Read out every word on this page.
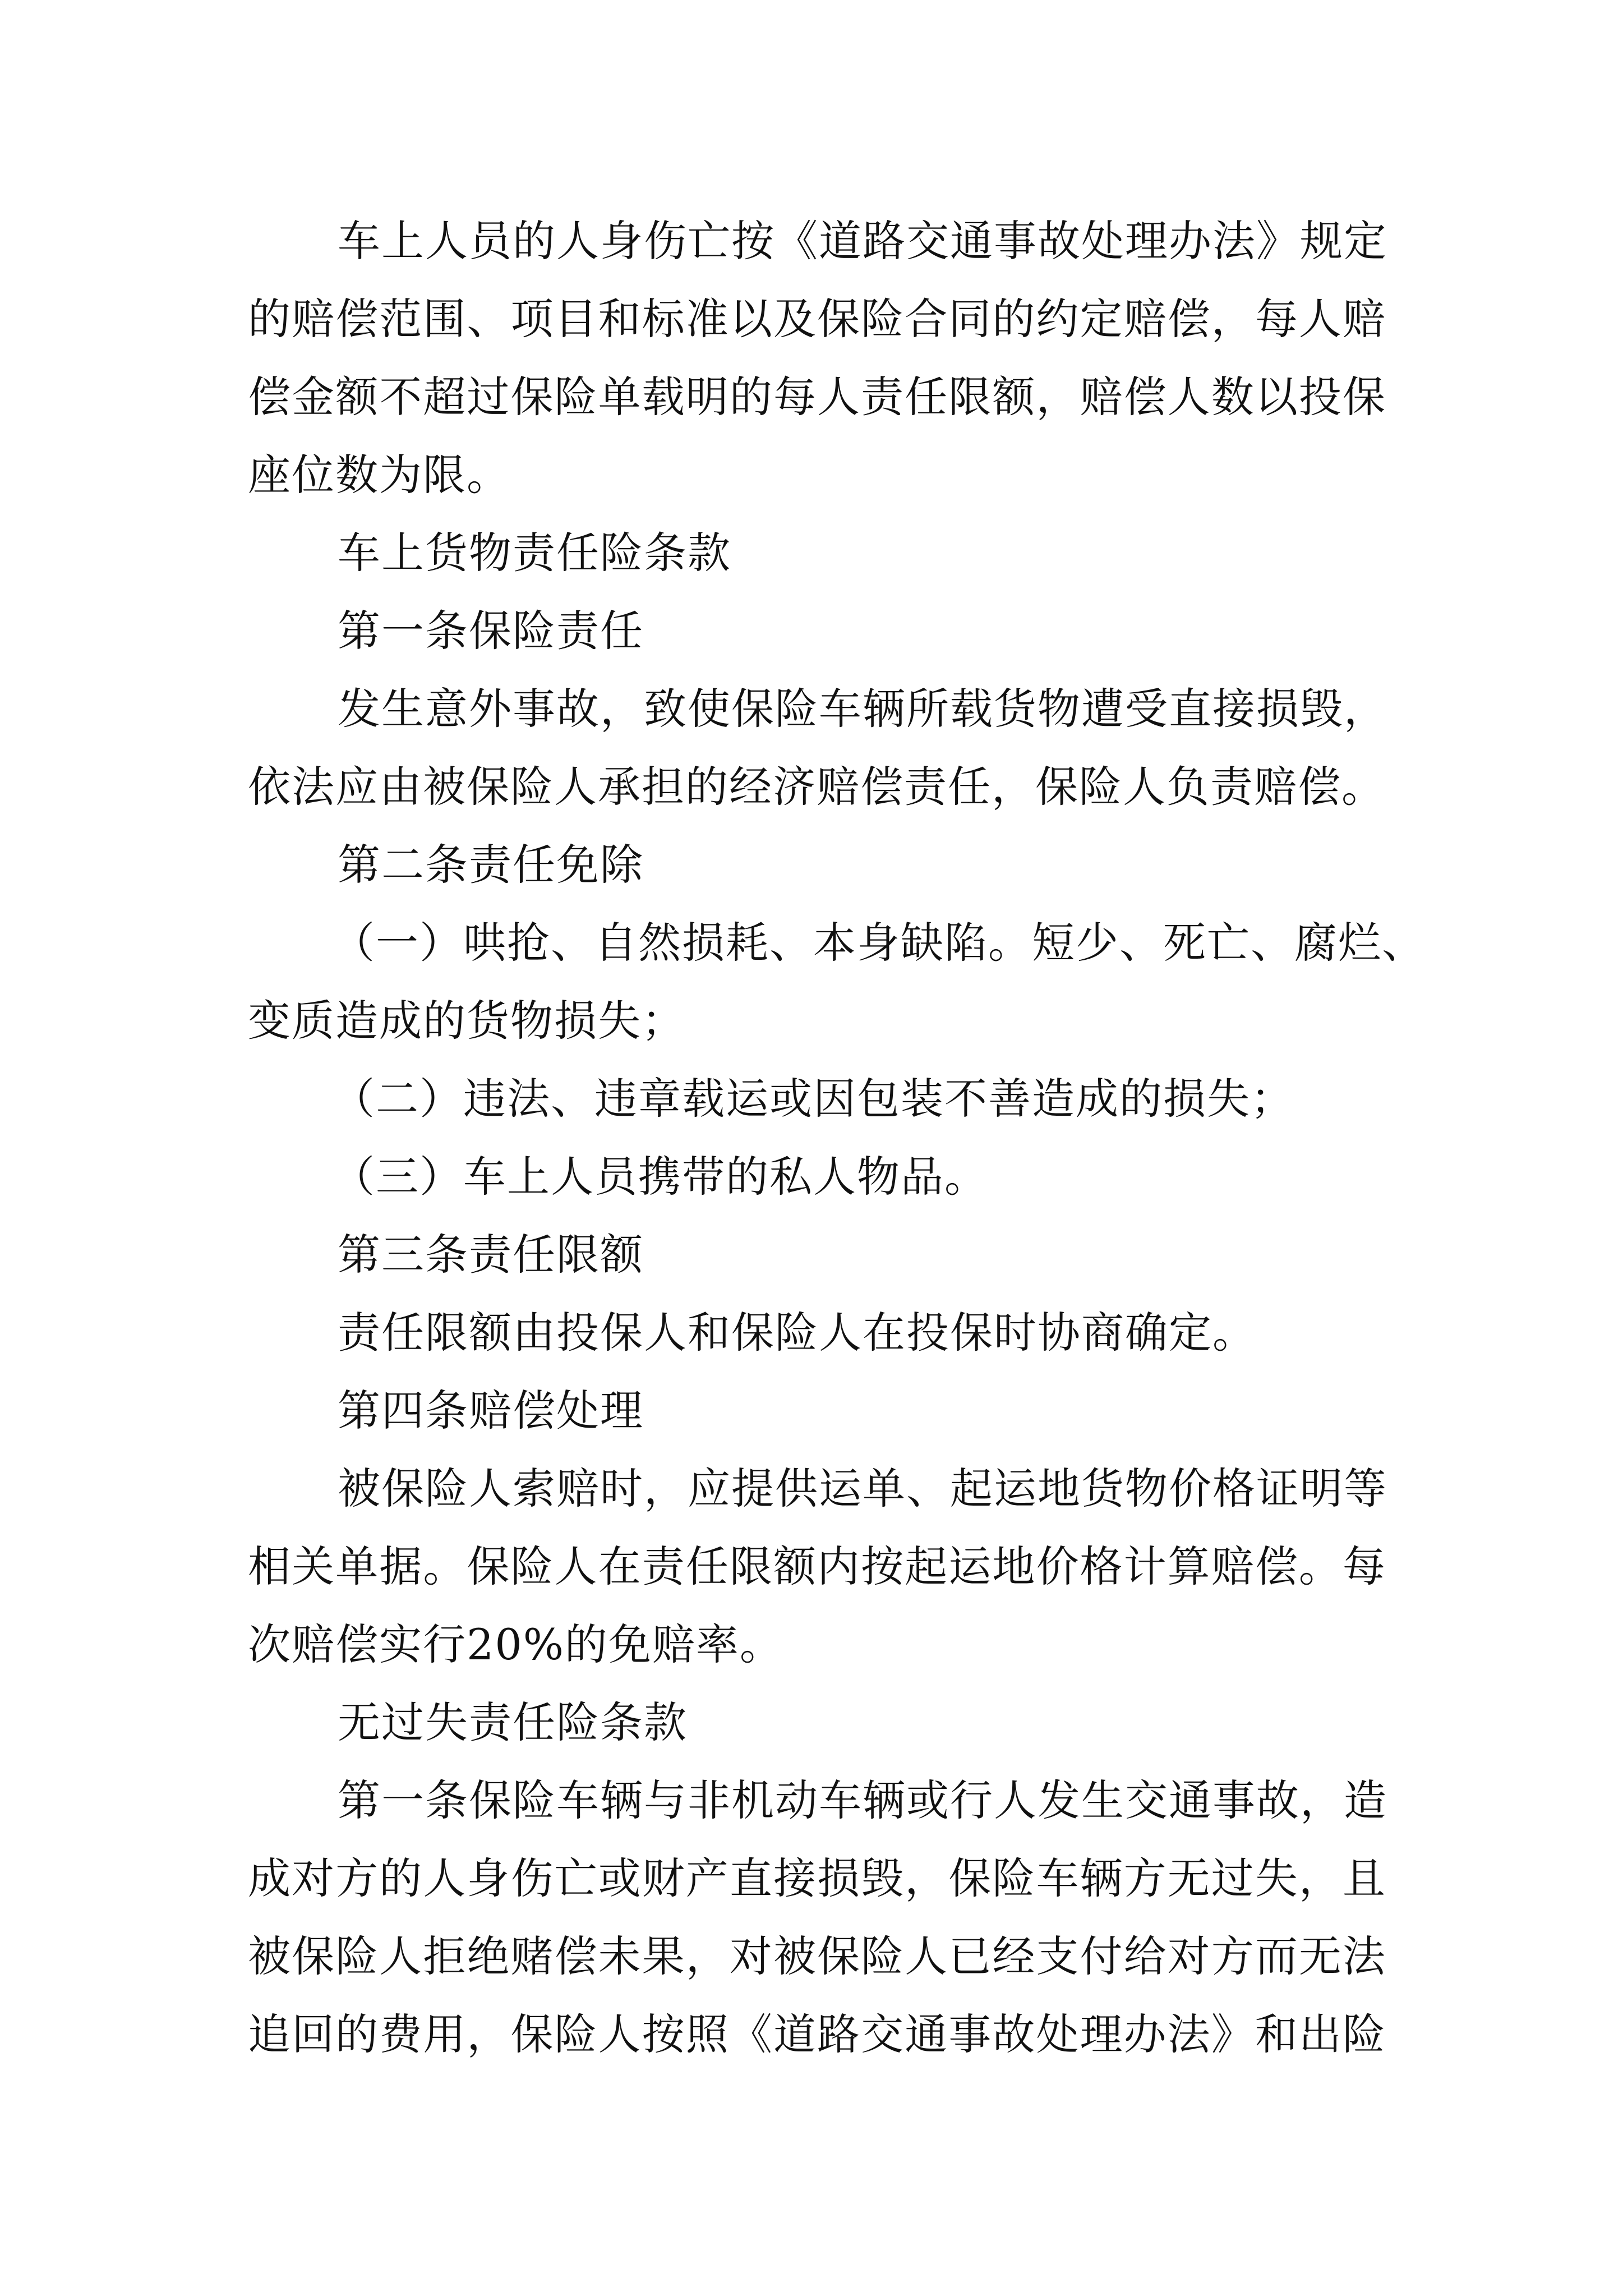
车上人员的人身伤亡按《道路交通事故处理办法》规定
的赔偿范围、项目和标准以及保险合同的约定赔偿，每人赔
偿金额不超过保险单载明的每人责任限额，赔偿人数以投保
座位数为限。
车上货物责任险条款
第一条保险责任
发生意外事故，致使保险车辆所载货物遭受直接损毁，
依法应由被保险人承担的经济赔偿责任，保险人负责赔偿。
第二条责任免除
（一）哄抢、自然损耗、本身缺陷。短少、死亡、腐烂、
变质造成的货物损失；
（二）违法、违章载运或因包装不善造成的损失；
（三）车上人员携带的私人物品。
第三条责任限额
责任限额由投保人和保险人在投保时协商确定。
第四条赔偿处理
被保险人索赔时，应提供运单、起运地货物价格证明等
相关单据。保险人在责任限额内按起运地价格计算赔偿。每
次赔偿实行20%的免赔率。
无过失责任险条款
第一条保险车辆与非机动车辆或行人发生交通事故，造
成对方的人身伤亡或财产直接损毁，保险车辆方无过失，且
被保险人拒绝赌偿未果，对被保险人已经支付给对方而无法
追回的费用，保险人按照《道路交通事故处理办法》和出险
